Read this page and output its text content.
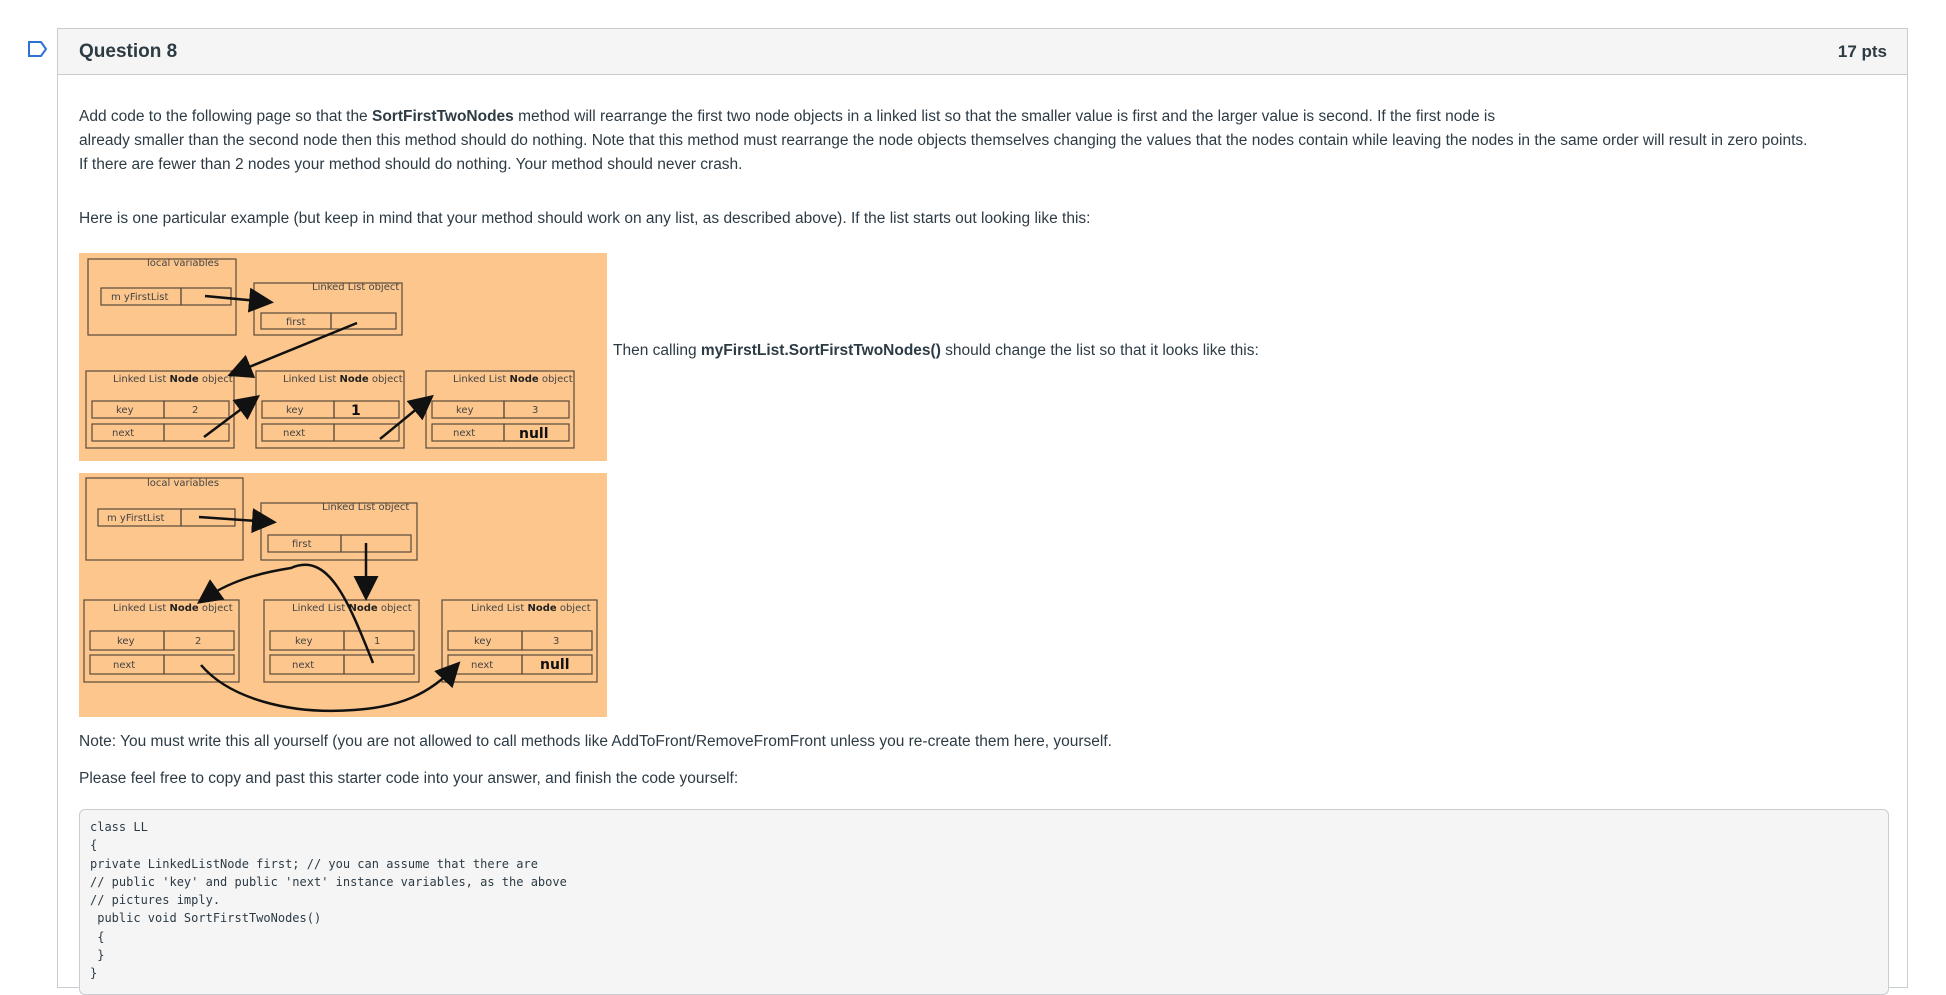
Question 8	17 pts
Add code to the following page so that the SortFirstTwoNodes method will rearrange the first two node objects in a linked list so that the smaller value is first and the larger value is second. If the first node is
already smaller than the second node then this method should do nothing. Note that this method must rearrange the node objects themselves changing the values that the nodes contain while leaving the nodes in the same order will result in zero points.
If there are fewer than 2 nodes your method should do nothing. Your method should never crash.
Here is one particular example (but keep in mind that your method should work on any list, as described above). If the list starts out looking like this:
local variables
m yFirstList
Linked List object
first
Linked List Node object
key	2
next
Linked List Node object
key	1
next
Linked List Node object
key	3
next	null
Then calling myFirstList.SortFirstTwoNodes() should change the list so that it looks like this:
local variables
m yFirstList
Linked List object
first
Linked List Node object
key	2
next
Linked List Node object
key	1
next
Linked List Node object
key	3
next	null
Note: You must write this all yourself (you are not allowed to call methods like AddToFront/RemoveFromFront unless you re-create them here, yourself.
Please feel free to copy and past this starter code into your answer, and finish the code yourself:
class LL
{
private LinkedListNode first; // you can assume that there are
// public 'key' and public 'next' instance variables, as the above
// pictures imply.
public void SortFirstTwoNodes()
{
}
}
